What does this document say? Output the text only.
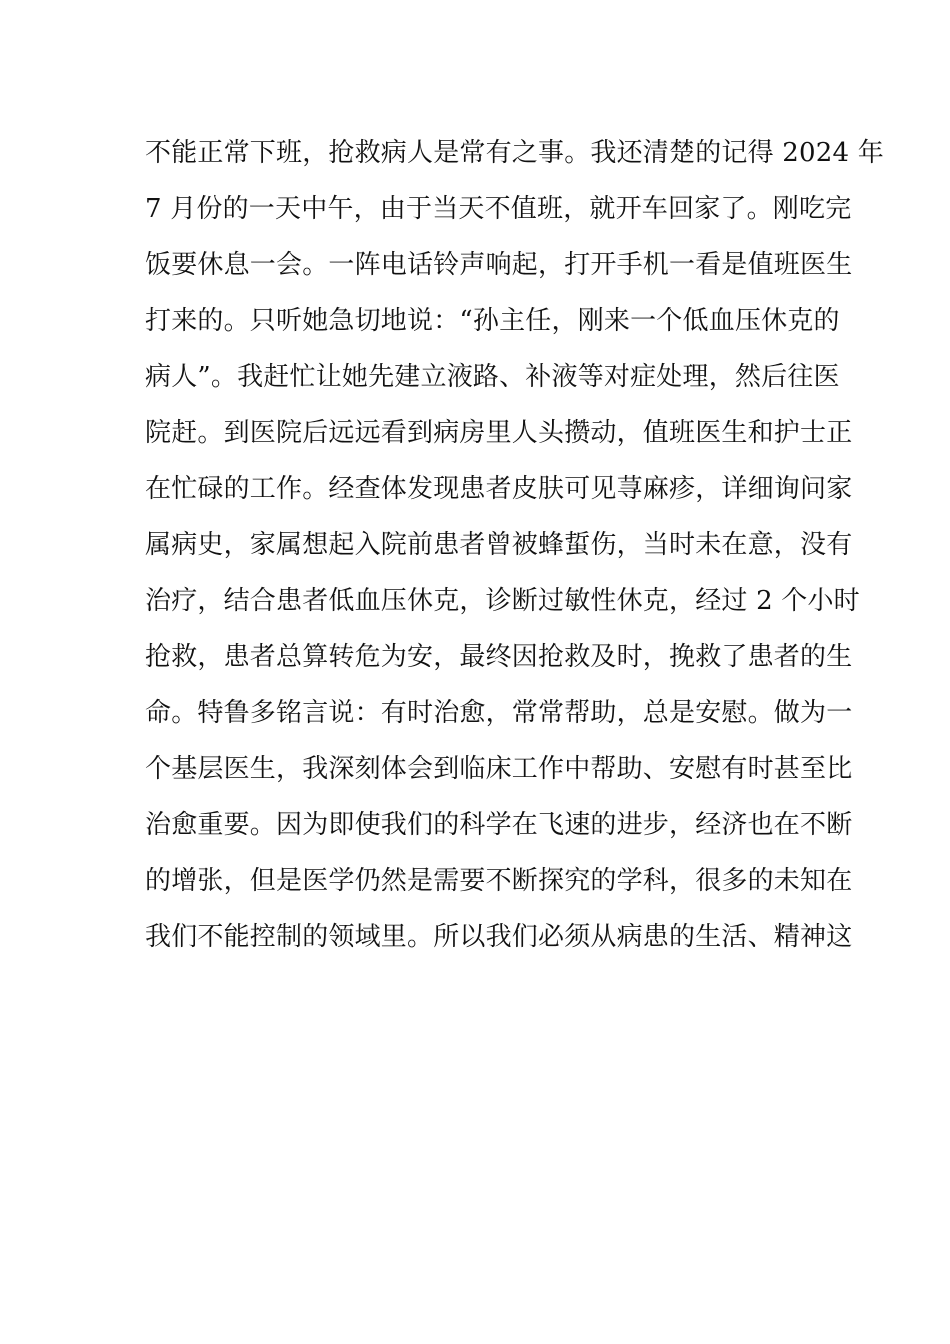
不能正常下班，抢救病人是常有之事。我还清楚的记得 2024 年
7 月份的一天中午，由于当天不值班，就开车回家了。刚吃完
饭要休息一会。一阵电话铃声响起，打开手机一看是值班医生
打来的。只听她急切地说：“孙主任，刚来一个低血压休克的
病人”。我赶忙让她先建立液路、补液等对症处理，然后往医
院赶。到医院后远远看到病房里人头攒动，值班医生和护士正
在忙碌的工作。经查体发现患者皮肤可见荨麻疹，详细询问家
属病史，家属想起入院前患者曾被蜂蜇伤，当时未在意，没有
治疗，结合患者低血压休克，诊断过敏性休克，经过 2 个小时
抢救，患者总算转危为安，最终因抢救及时，挽救了患者的生
命。特鲁多铭言说：有时治愈，常常帮助，总是安慰。做为一
个基层医生，我深刻体会到临床工作中帮助、安慰有时甚至比
治愈重要。因为即使我们的科学在飞速的进步，经济也在不断
的增张，但是医学仍然是需要不断探究的学科，很多的未知在
我们不能控制的领域里。所以我们必须从病患的生活、精神这
